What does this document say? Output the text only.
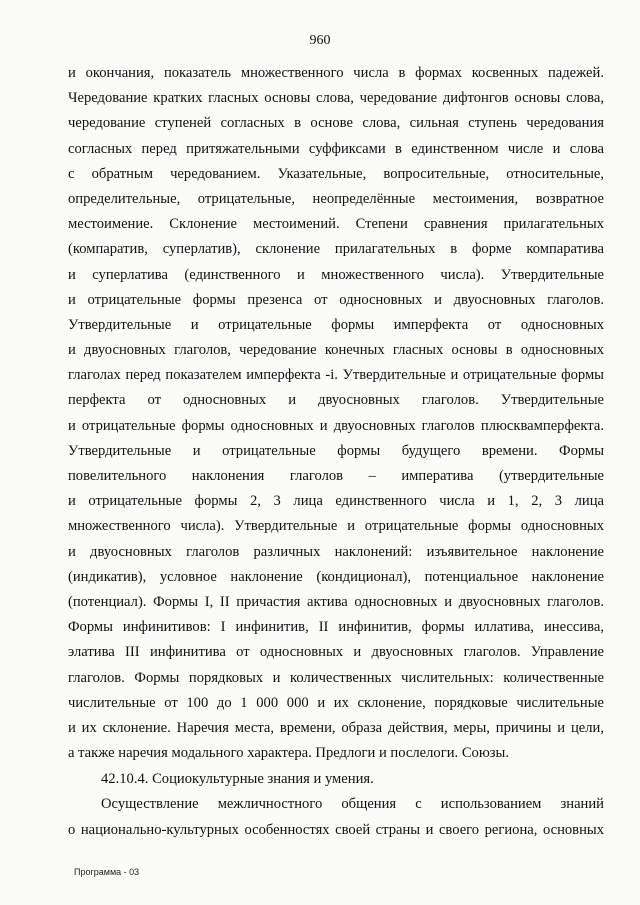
960
и окончания, показатель множественного числа в формах косвенных падежей.
Чередование кратких гласных основы слова, чередование дифтонгов основы слова,
чередование ступеней согласных в основе слова, сильная ступень чередования
согласных перед притяжательными суффиксами в единственном числе и слова
с обратным чередованием. Указательные, вопросительные, относительные,
определительные, отрицательные, неопределённые местоимения, возвратное
местоимение. Склонение местоимений. Степени сравнения прилагательных
(компаратив, суперлатив), склонение прилагательных в форме компаратива
и суперлатива (единственного и множественного числа). Утвердительные
и отрицательные формы презенса от односновных и двуосновных глаголов.
Утвердительные и отрицательные формы имперфекта от односновных
и двуосновных глаголов, чередование конечных гласных основы в односновных
глаголах перед показателем имперфекта -i. Утвердительные и отрицательные формы
перфекта от односновных и двуосновных глаголов. Утвердительные
и отрицательные формы односновных и двуосновных глаголов плюсквамперфекта.
Утвердительные и отрицательные формы будущего времени. Формы
повелительного наклонения глаголов – императива (утвердительные
и отрицательные формы 2, 3 лица единственного числа и 1, 2, 3 лица
множественного числа). Утвердительные и отрицательные формы односновных
и двуосновных глаголов различных наклонений: изъявительное наклонение
(индикатив), условное наклонение (кондиционал), потенциальное наклонение
(потенциал). Формы I, II причастия актива односновных и двуосновных глаголов.
Формы инфинитивов: I инфинитив, II инфинитив, формы иллатива, инессива,
элатива III инфинитива от односновных и двуосновных глаголов. Управление
глаголов. Формы порядковых и количественных числительных: количественные
числительные от 100 до 1 000 000 и их склонение, порядковые числительные
и их склонение. Наречия места, времени, образа действия, меры, причины и цели,
а также наречия модального характера. Предлоги и послелоги. Союзы.
42.10.4. Социокультурные знания и умения.
Осуществление межличностного общения с использованием знаний
о национально-культурных особенностях своей страны и своего региона, основных
Программа - 03
